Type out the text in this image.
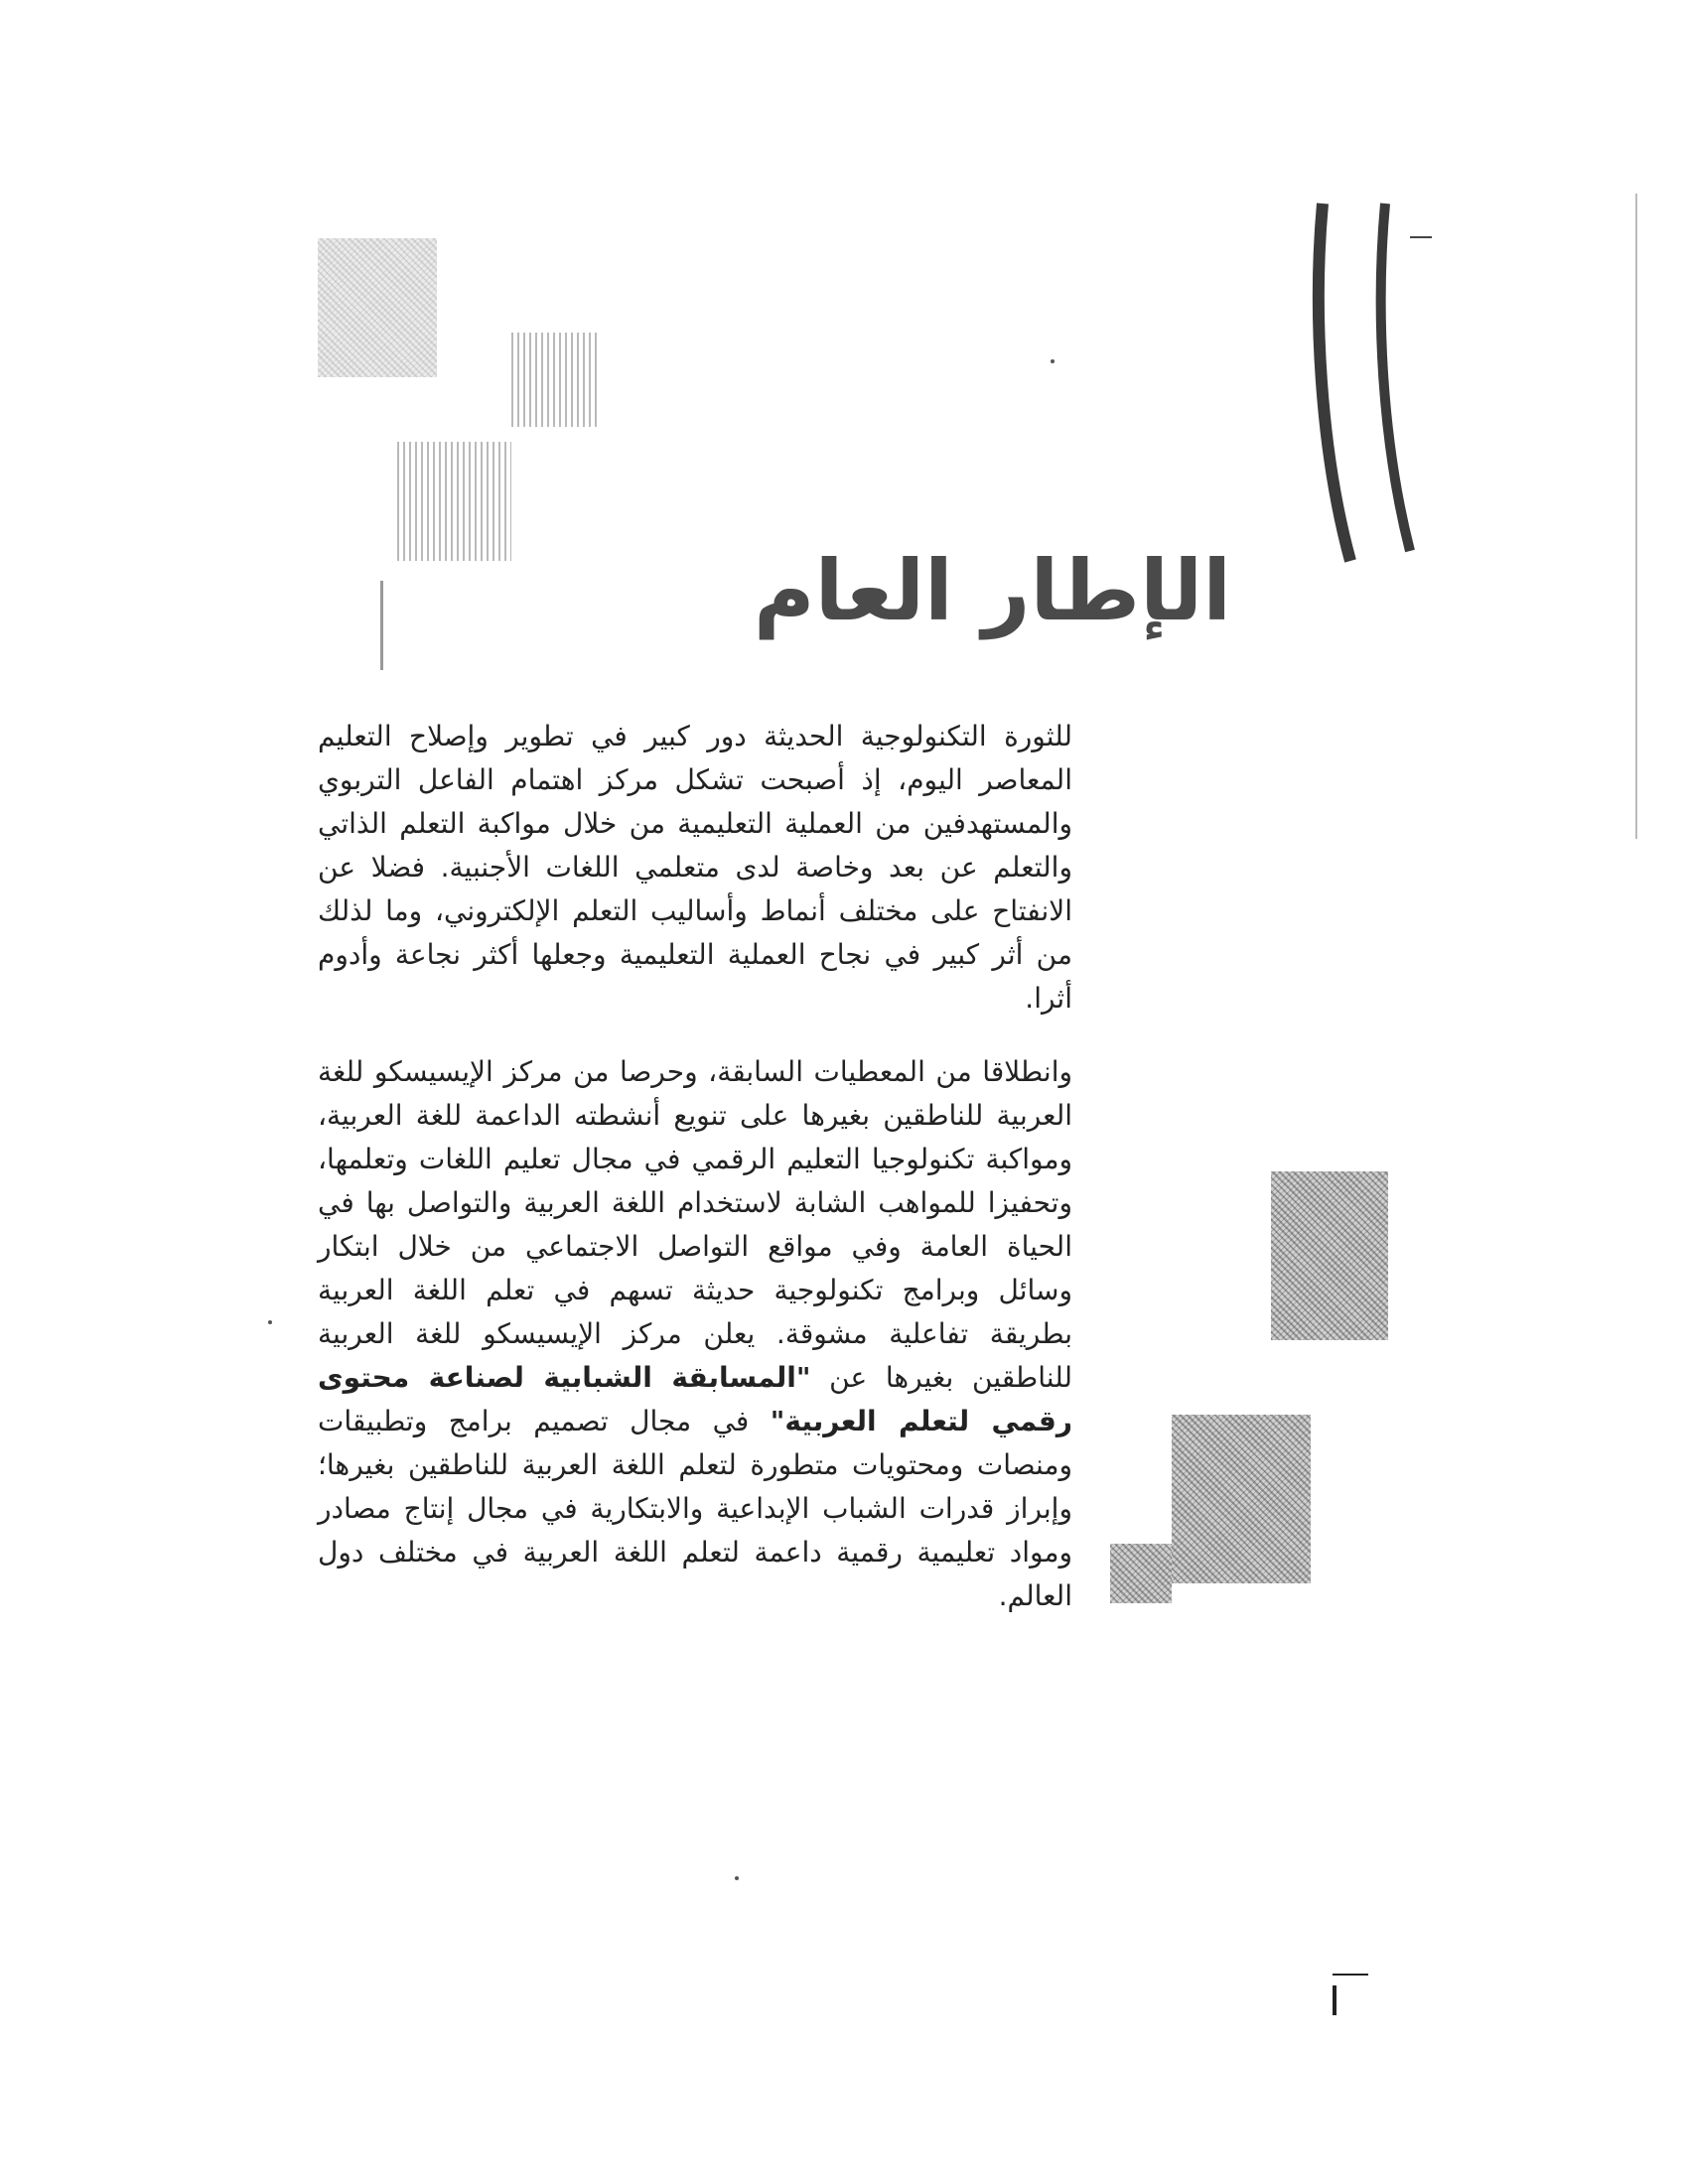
الإطار العام

للثورة التكنولوجية الحديثة دور كبير في تطوير وإصلاح التعليم المعاصر اليوم، إذ أصبحت تشكل مركز اهتمام الفاعل التربوي والمستهدفين من العملية التعليمية من خلال مواكبة التعلم الذاتي والتعلم عن بعد وخاصة لدى متعلمي اللغات الأجنبية. فضلا عن الانفتاح على مختلف أنماط وأساليب التعلم الإلكتروني، وما لذلك من أثر كبير في نجاح العملية التعليمية وجعلها أكثر نجاعة وأدوم أثرا.

وانطلاقا من المعطيات السابقة، وحرصا من مركز الإيسيسكو للغة العربية للناطقين بغيرها على تنويع أنشطته الداعمة للغة العربية، ومواكبة تكنولوجيا التعليم الرقمي في مجال تعليم اللغات وتعلمها، وتحفيزا للمواهب الشابة لاستخدام اللغة العربية والتواصل بها في الحياة العامة وفي مواقع التواصل الاجتماعي من خلال ابتكار وسائل وبرامج تكنولوجية حديثة تسهم في تعلم اللغة العربية بطريقة تفاعلية مشوقة. يعلن مركز الإيسيسكو للغة العربية للناطقين بغيرها عن "المسابقة الشبابية لصناعة محتوى رقمي لتعلم العربية" في مجال تصميم برامج وتطبيقات ومنصات ومحتويات متطورة لتعلم اللغة العربية للناطقين بغيرها؛ وإبراز قدرات الشباب الإبداعية والابتكارية في مجال إنتاج مصادر ومواد تعليمية رقمية داعمة لتعلم اللغة العربية في مختلف دول العالم.
